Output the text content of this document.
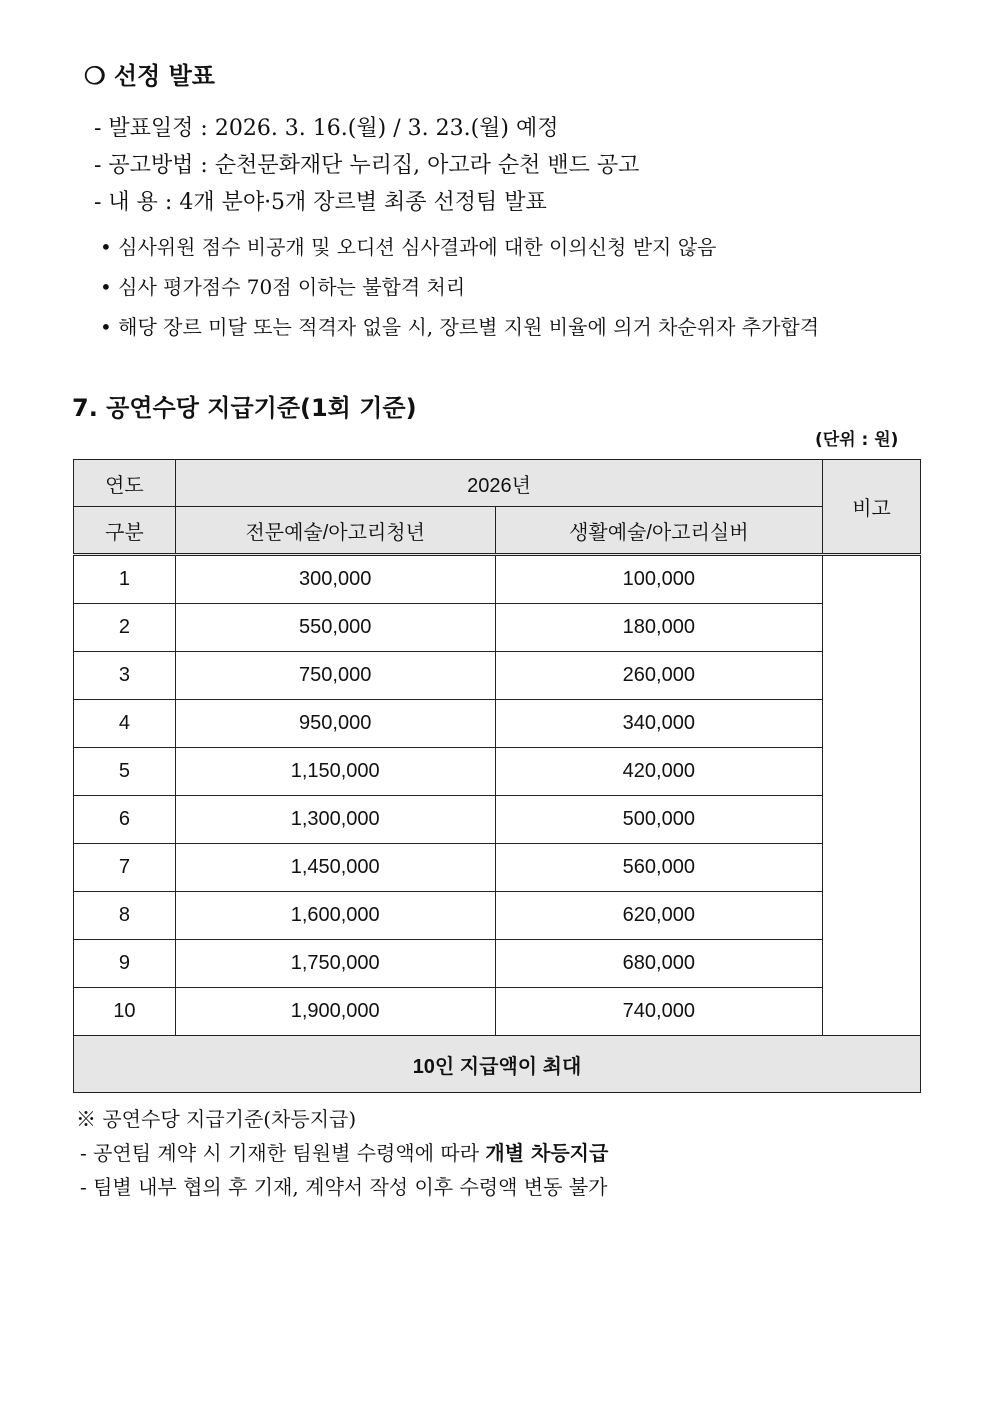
❍ 선정 발표
- 발표일정 : 2026. 3. 16.(월) / 3. 23.(월) 예정
- 공고방법 : 순천문화재단 누리집, 아고라 순천 밴드 공고
- 내 용 : 4개 분야·5개 장르별 최종 선정팀 발표
• 심사위원 점수 비공개 및 오디션 심사결과에 대한 이의신청 받지 않음
• 심사 평가점수 70점 이하는 불합격 처리
• 해당 장르 미달 또는 적격자 없을 시, 장르별 지원 비율에 의거 차순위자 추가합격
7. 공연수당 지급기준(1회 기준)
(단위 : 원)
연도	2026년		비고
구분	전문예술/아고리청년	생활예술/아고리실버	
1	300,000	100,000	
2	550,000	180,000	
3	750,000	260,000	
4	950,000	340,000	
5	1,150,000	420,000	
6	1,300,000	500,000	
7	1,450,000	560,000	
8	1,600,000	620,000	
9	1,750,000	680,000	
10	1,900,000	740,000	
10인 지급액이 최대			
※ 공연수당 지급기준(차등지급)
- 공연팀 계약 시 기재한 팀원별 수령액에 따라 개별 차등지급
- 팀별 내부 협의 후 기재, 계약서 작성 이후 수령액 변동 불가
